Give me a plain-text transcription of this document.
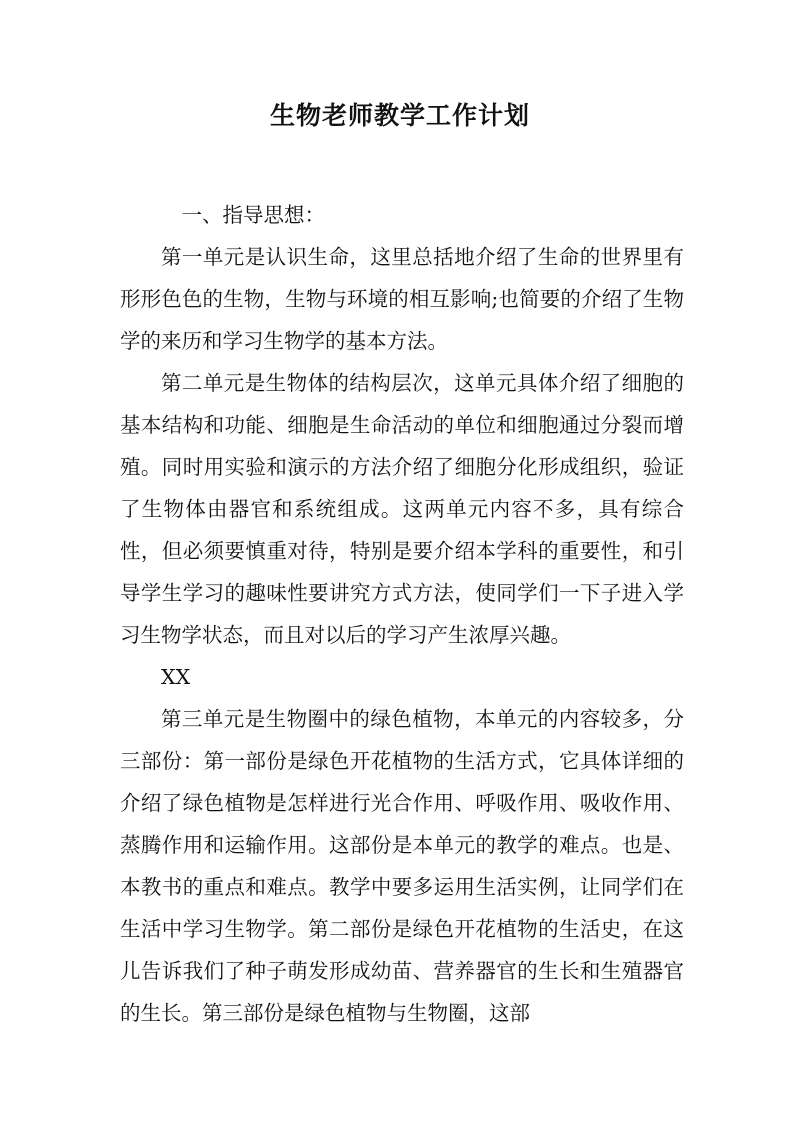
生物老师教学工作计划

一、指导思想：

第一单元是认识生命，这里总括地介绍了生命的世界里有形形色色的生物，生物与环境的相互影响;也简要的介绍了生物学的来历和学习生物学的基本方法。

第二单元是生物体的结构层次，这单元具体介绍了细胞的基本结构和功能、细胞是生命活动的单位和细胞通过分裂而增殖。同时用实验和演示的方法介绍了细胞分化形成组织，验证了生物体由器官和系统组成。这两单元内容不多，具有综合性，但必须要慎重对待，特别是要介绍本学科的重要性，和引导学生学习的趣味性要讲究方式方法，使同学们一下子进入学习生物学状态，而且对以后的学习产生浓厚兴趣。

XX

第三单元是生物圈中的绿色植物，本单元的内容较多，分三部份：第一部份是绿色开花植物的生活方式，它具体详细的介绍了绿色植物是怎样进行光合作用、呼吸作用、吸收作用、蒸腾作用和运输作用。这部份是本单元的教学的难点。也是、本教书的重点和难点。教学中要多运用生活实例，让同学们在生活中学习生物学。第二部份是绿色开花植物的生活史，在这儿告诉我们了种子萌发形成幼苗、营养器官的生长和生殖器官的生长。第三部份是绿色植物与生物圈，这部
